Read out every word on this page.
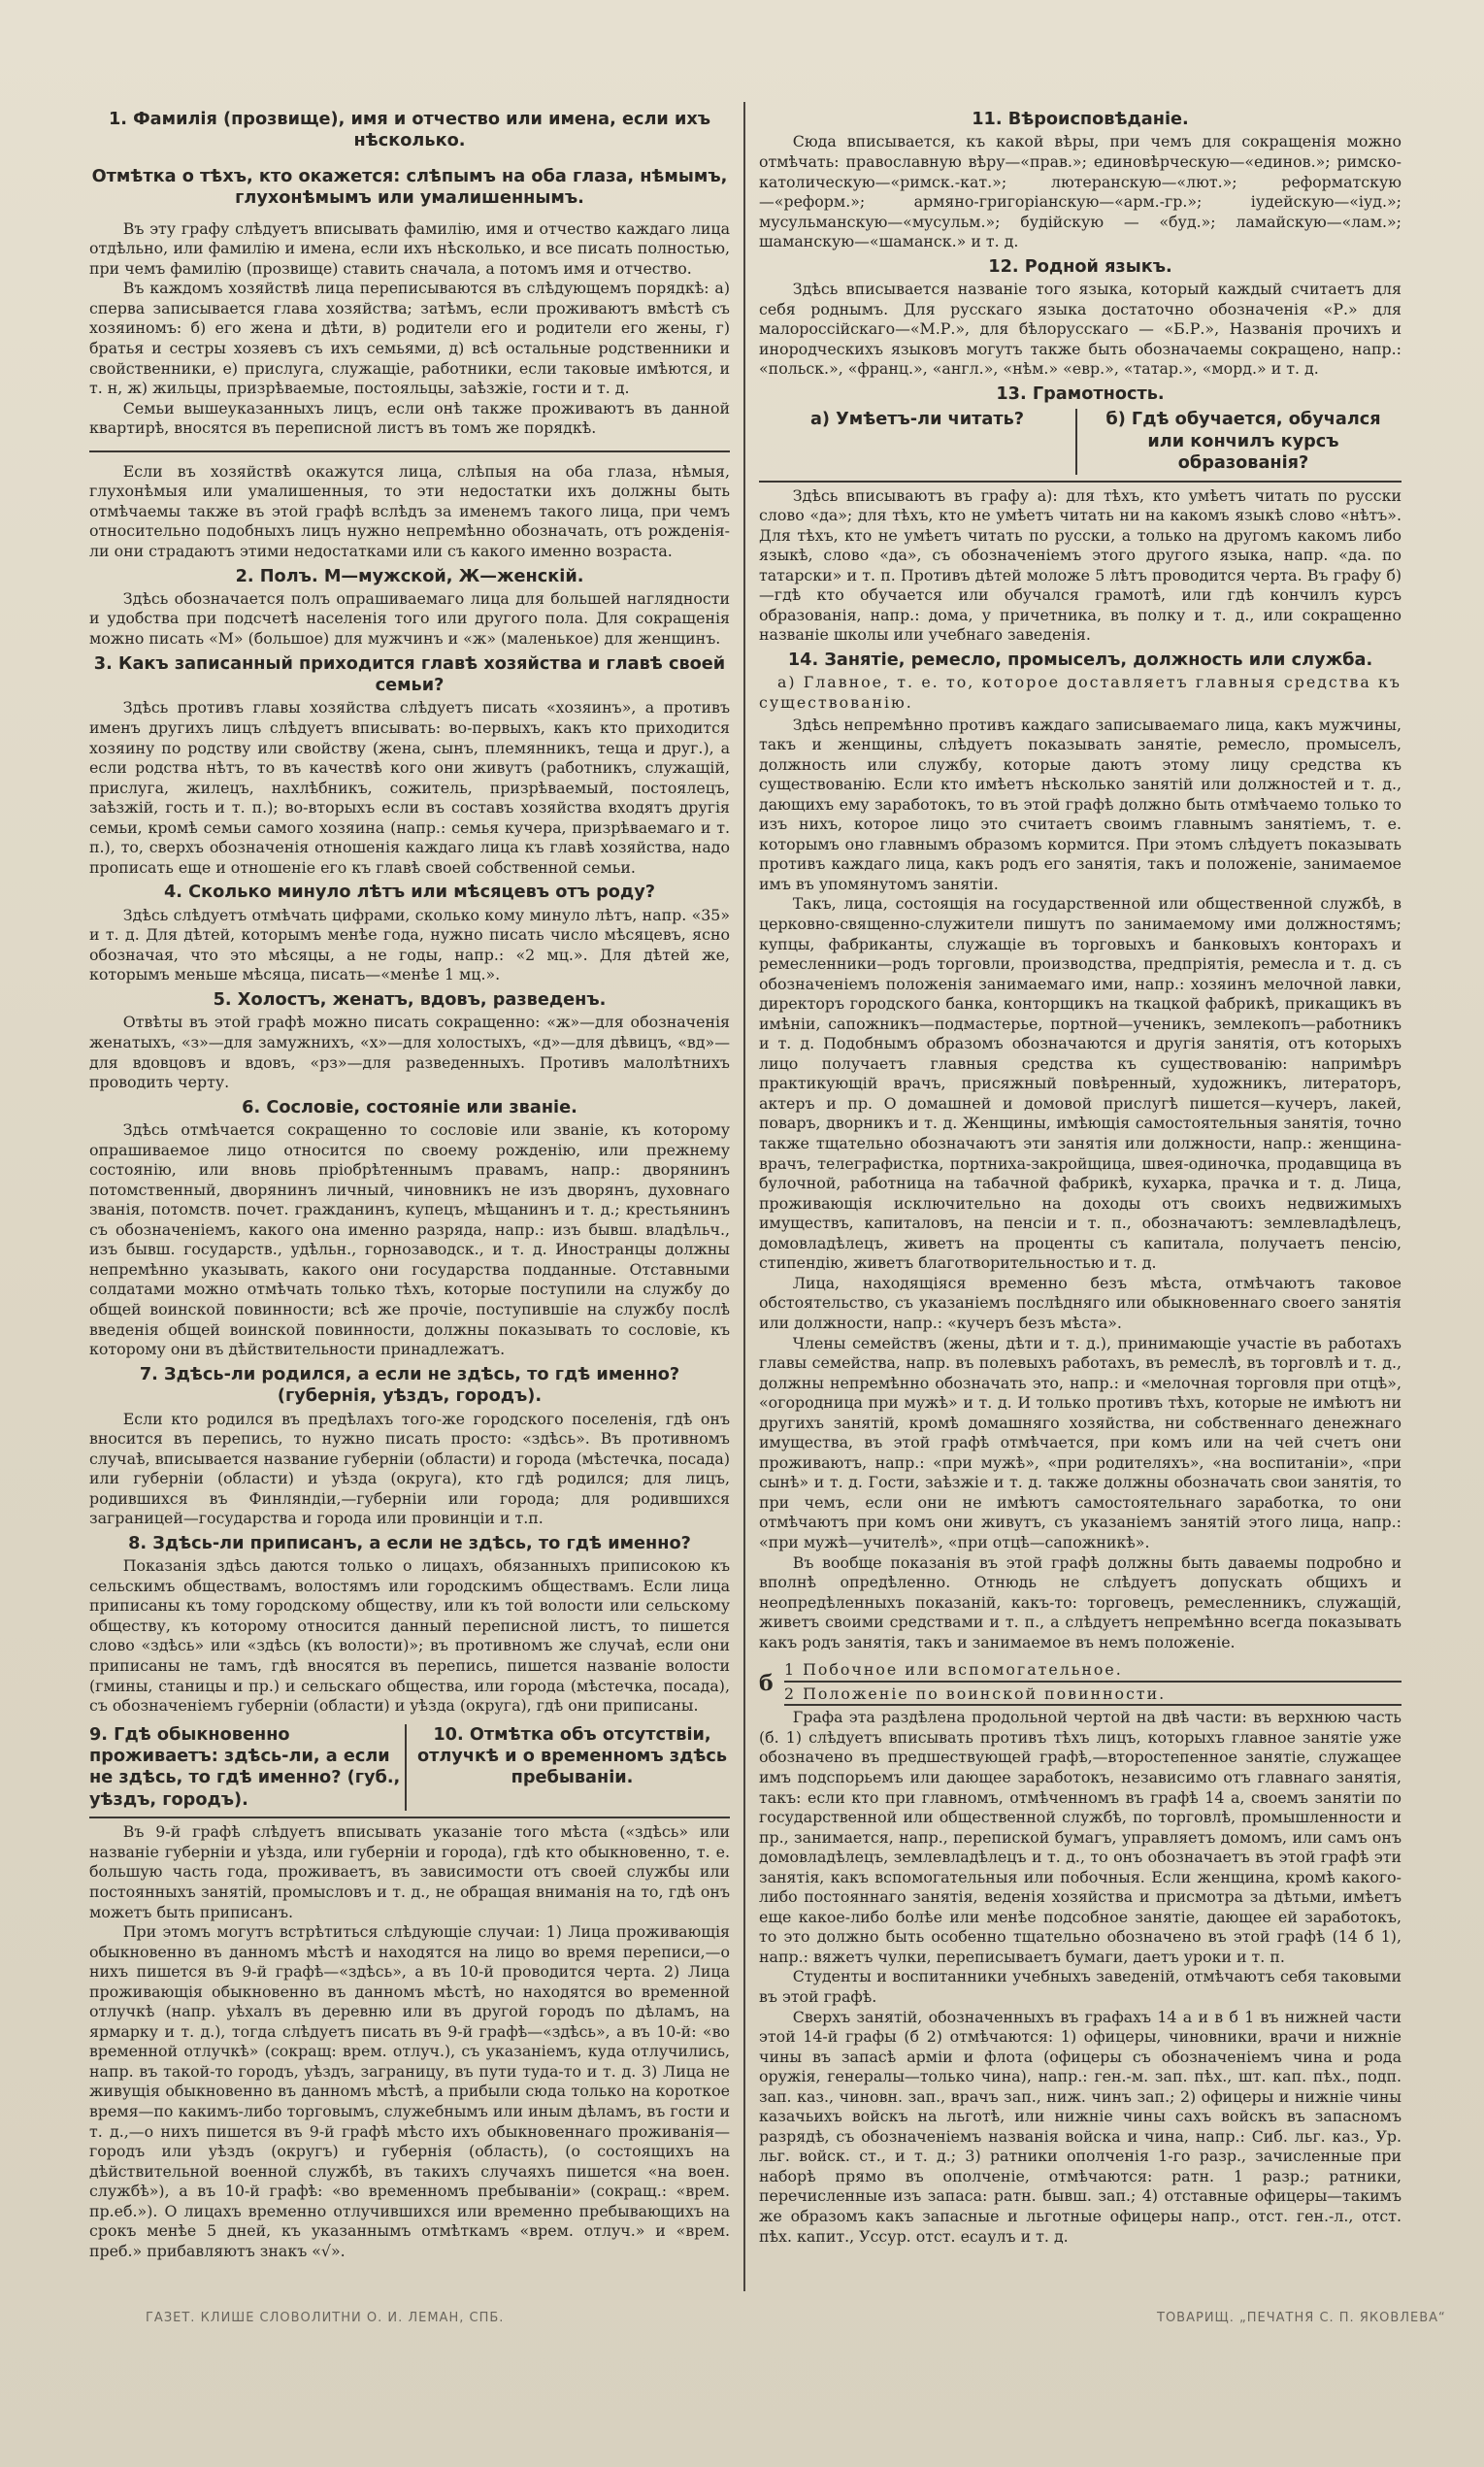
1. Фамилія (прозвище), имя и отчество или имена, если ихъ нѣсколько.
Отмѣтка о тѣхъ, кто окажется: слѣпымъ на оба глаза, нѣмымъ, глухонѣмымъ или умалишеннымъ.

Въ эту графу слѣдуетъ вписывать фамилію, имя и отчество каждаго лица отдѣльно, или фамилію и имена, если ихъ нѣсколько, и все писать полностью, при чемъ фамилію (прозвище) ставить сначала, а потомъ имя и отчество.

Въ каждомъ хозяйствѣ лица переписываются въ слѣдующемъ порядкѣ: а) сперва записывается глава хозяйства; затѣмъ, если проживаютъ вмѣстѣ съ хозяиномъ: б) его жена и дѣти, в) родители его и родители его жены, г) братья и сестры хозяевъ съ ихъ семьями, д) всѣ остальные родственники и свойственники, е) прислуга, служащіе, работники, если таковые имѣются, и т. н, ж) жильцы, призрѣваемые, постояльцы, заѣзжіе, гости и т. д.

Семьи вышеуказанныхъ лицъ, если онѣ также проживаютъ въ данной квартирѣ, вносятся въ переписной листъ въ томъ же порядкѣ.

Если въ хозяйствѣ окажутся лица, слѣпыя на оба глаза, нѣмыя, глухонѣмыя или умалишенныя, то эти недостатки ихъ должны быть отмѣчаемы также въ этой графѣ вслѣдъ за именемъ такого лица, при чемъ относительно подобныхъ лицъ нужно непремѣнно обозначать, отъ рожденія-ли они страдаютъ этими недостатками или съ какого именно возраста.

2. Полъ. М—мужской, Ж—женскій.

Здѣсь обозначается полъ опрашиваемаго лица для большей наглядности и удобства при подсчетѣ населенія того или другого пола. Для сокращенія можно писать «М» (большое) для мужчинъ и «ж» (маленькое) для женщинъ.

3. Какъ записанный приходится главѣ хозяйства и главѣ своей семьи?

Здѣсь противъ главы хозяйства слѣдуетъ писать «хозяинъ», а противъ именъ другихъ лицъ слѣдуетъ вписывать: во-первыхъ, какъ кто приходится хозяину по родству или свойству (жена, сынъ, племянникъ, теща и друг.), а если родства нѣтъ, то въ качествѣ кого они живутъ (работникъ, служащій, прислуга, жилецъ, нахлѣбникъ, сожитель, призрѣваемый, постоялецъ, заѣзжій, гость и т. п.); во-вторыхъ если въ составъ хозяйства входятъ другія семьи, кромѣ семьи самого хозяина (напр.: семья кучера, призрѣваемаго и т. п.), то, сверхъ обозначенія отношенія каждаго лица къ главѣ хозяйства, надо прописать еще и отношеніе его къ главѣ своей собственной семьи.

4. Сколько минуло лѣтъ или мѣсяцевъ отъ роду?

Здѣсь слѣдуетъ отмѣчать цифрами, сколько кому минуло лѣтъ, напр. «35» и т. д. Для дѣтей, которымъ менѣе года, нужно писать число мѣсяцевъ, ясно обозначая, что это мѣсяцы, а не годы, напр.: «2 мц.». Для дѣтей же, которымъ меньше мѣсяца, писать—«менѣе 1 мц.».

5. Холостъ, женатъ, вдовъ, разведенъ.

Отвѣты въ этой графѣ можно писать сокращенно: «ж»—для обозначенія женатыхъ, «з»—для замужнихъ, «х»—для холостыхъ, «д»—для дѣвицъ, «вд»—для вдовцовъ и вдовъ, «рз»—для разведенныхъ. Противъ малолѣтнихъ проводить черту.

6. Сословіе, состояніе или званіе.

Здѣсь отмѣчается сокращенно то сословіе или званіе, къ которому опрашиваемое лицо относится по своему рожденію, или прежнему состоянію, или вновь пріобрѣтеннымъ правамъ, напр.: дворянинъ потомственный, дворянинъ личный, чиновникъ не изъ дворянъ, духовнаго званія, потомств. почет. гражданинъ, купецъ, мѣщанинъ и т. д.; крестьянинъ съ обозначеніемъ, какого она именно разряда, напр.: изъ бывш. владѣльч., изъ бывш. государств., удѣльн., горнозаводск., и т. д. Иностранцы должны непремѣнно указывать, какого они государства подданные. Отставными солдатами можно отмѣчать только тѣхъ, которые поступили на службу до общей воинской повинности; всѣ же прочіе, поступившіе на службу послѣ введенія общей воинской повинности, должны показывать то сословіе, къ которому они въ дѣйствительности принадлежатъ.

7. Здѣсь-ли родился, а если не здѣсь, то гдѣ именно? (губернія, уѣздъ, городъ).

Если кто родился въ предѣлахъ того-же городского поселенія, гдѣ онъ вносится въ перепись, то нужно писать просто: «здѣсь». Въ противномъ случаѣ, вписывается название губерніи (области) и города (мѣстечка, посада) или губерніи (области) и уѣзда (округа), кто гдѣ родился; для лицъ, родившихся въ Финляндіи,—губерніи или города; для родившихся заграницей—государства и города или провинціи и т.п.

8. Здѣсь-ли приписанъ, а если не здѣсь, то гдѣ именно?

Показанія здѣсь даются только о лицахъ, обязанныхъ приписокою къ сельскимъ обществамъ, волостямъ или городскимъ обществамъ. Если лица приписаны къ тому городскому обществу, или къ той волости или сельскому обществу, къ которому относится данный переписной листъ, то пишется слово «здѣсь» или «здѣсь (къ волости)»; въ противномъ же случаѣ, если они приписаны не тамъ, гдѣ вносятся въ перепись, пишется названіе волости (гмины, станицы и пр.) и сельскаго общества, или города (мѣстечка, посада), съ обозначеніемъ губерніи (области) и уѣзда (округа), гдѣ они приписаны.

9. Гдѣ обыкновенно проживаетъ: здѣсь-ли, а если не здѣсь, то гдѣ именно? (губ., уѣздъ, городъ).
10. Отмѣтка объ отсутствіи, отлучкѣ и о временномъ здѣсь пребываніи.

Въ 9-й графѣ слѣдуетъ вписывать указаніе того мѣста («здѣсь» или названіе губерніи и уѣзда, или губерніи и города), гдѣ кто обыкновенно, т. е. большую часть года, проживаетъ, въ зависимости отъ своей службы или постоянныхъ занятій, промысловъ и т. д., не обращая вниманія на то, гдѣ онъ можетъ быть приписанъ.

При этомъ могутъ встрѣтиться слѣдующіе случаи: 1) Лица проживающія обыкновенно въ данномъ мѣстѣ и находятся на лицо во время переписи,—о нихъ пишется въ 9-й графѣ—«здѣсь», а въ 10-й проводится черта. 2) Лица проживающія обыкновенно въ данномъ мѣстѣ, но находятся во временной отлучкѣ (напр. уѣхалъ въ деревню или въ другой городъ по дѣламъ, на ярмарку и т. д.), тогда слѣдуетъ писать въ 9-й графѣ—«здѣсь», а въ 10-й: «во временной отлучкѣ» (сокращ: врем. отлуч.), съ указаніемъ, куда отлучились, напр. въ такой-то городъ, уѣздъ, заграницу, въ пути туда-то и т. д. 3) Лица не живущія обыкновенно въ данномъ мѣстѣ, а прибыли сюда только на короткое время—по какимъ-либо торговымъ, служебнымъ или иным дѣламъ, въ гости и т. д.,—о нихъ пишется въ 9-й графѣ мѣсто ихъ обыкновеннаго проживанія—городъ или уѣздъ (округъ) и губернія (область), (о состоящихъ на дѣйствительной военной службѣ, въ такихъ случаяхъ пишется «на воен. службѣ»), а въ 10-й графѣ: «во временномъ пребываніи» (сокращ.: «врем. пр.еб.»). О лицахъ временно отлучившихся или временно пребывающихъ на срокъ менѣе 5 дней, къ указаннымъ отмѣткамъ «врем. отлуч.» и «врем. преб.» прибавляютъ знакъ «√».

11. Вѣроисповѣданіе.

Сюда вписывается, къ какой вѣры, при чемъ для сокращенія можно отмѣчать: православную вѣру—«прав.»; единовѣрческую—«единов.»; римско-католическую—«римск.-кат.»; лютеранскую—«лют.»; реформатскую—«реформ.»; армяно-григоріанскую—«арм.-гр.»; іудейскую—«іуд.»; мусульманскую—«мусульм.»; будійскую — «буд.»; ламайскую—«лам.»; шаманскую—«шаманск.» и т. д.

12. Родной языкъ.

Здѣсь вписывается названіе того языка, который каждый считаетъ для себя роднымъ. Для русскаго языка достаточно обозначенія «Р.» для малороссійскаго—«М.Р.», для бѣлорусскаго — «Б.Р.», Названія прочихъ и инородческихъ языковъ могутъ также быть обозначаемы сокращено, напр.: «польск.», «франц.», «англ.», «нѣм.» «евр.», «татар.», «морд.» и т. д.

13. Грамотность.
а) Умѣетъ-ли читать?	б) Гдѣ обучается, обучался или кончилъ курсъ образованія?

Здѣсь вписываютъ въ графу а): для тѣхъ, кто умѣетъ читать по русски слово «да»; для тѣхъ, кто не умѣетъ читать ни на какомъ языкѣ слово «нѣтъ». Для тѣхъ, кто не умѣетъ читать по русски, а только на другомъ какомъ либо языкѣ, слово «да», съ обозначеніемъ этого другого языка, напр. «да. по татарски» и т. п. Противъ дѣтей моложе 5 лѣтъ проводится черта. Въ графу б)—гдѣ кто обучается или обучался грамотѣ, или гдѣ кончилъ курсъ образованія, напр.: дома, у причетника, въ полку и т. д., или сокращенно названіе школы или учебнаго заведенія.

14. Занятіе, ремесло, промыселъ, должность или служба.

а) Главное, т. е. то, которое доставляетъ главныя средства къ существованію.

Здѣсь непремѣнно противъ каждаго записываемаго лица, какъ мужчины, такъ и женщины, слѣдуетъ показывать занятіе, ремесло, промыселъ, должность или службу, которые даютъ этому лицу средства къ существованію. Если кто имѣетъ нѣсколько занятій или должностей и т. д., дающихъ ему заработокъ, то въ этой графѣ должно быть отмѣчаемо только то изъ нихъ, которое лицо это считаетъ своимъ главнымъ занятіемъ, т. е. которымъ оно главнымъ образомъ кормится. При этомъ слѣдуетъ показывать противъ каждаго лица, какъ родъ его занятія, такъ и положеніе, занимаемое имъ въ упомянутомъ занятіи.

Такъ, лица, состоящія на государственной или общественной службѣ, в церковно-священно-служители пишутъ по занимаемому ими должностямъ; купцы, фабриканты, служащіе въ торговыхъ и банковыхъ конторахъ и ремесленники—родъ торговли, производства, предпріятія, ремесла и т. д. съ обозначеніемъ положенія занимаемаго ими, напр.: хозяинъ мелочной лавки, директоръ городского банка, конторщикъ на ткацкой фабрикѣ, прикащикъ въ имѣніи, сапожникъ—подмастерье, портной—ученикъ, землекопъ—работникъ и т. д. Подобнымъ образомъ обозначаются и другія занятія, отъ которыхъ лицо получаетъ главныя средства къ существованію: напримѣръ практикующій врачъ, присяжный повѣренный, художникъ, литераторъ, актеръ и пр. О домашней и домовой прислугѣ пишется—кучеръ, лакей, поваръ, дворникъ и т. д. Женщины, имѣющія самостоятельныя занятія, точно также тщательно обозначаютъ эти занятія или должности, напр.: женщина-врачъ, телеграфистка, портниха-закройщица, швея-одиночка, продавщица въ булочной, работница на табачной фабрикѣ, кухарка, прачка и т. д. Лица, проживающія исключительно на доходы отъ своихъ недвижимыхъ имуществъ, капиталовъ, на пенсіи и т. п., обозначаютъ: землевладѣлецъ, домовладѣлецъ, живетъ на проценты съ капитала, получаетъ пенсію, стипендію, живетъ благотворительностью и т. д.

Лица, находящіяся временно безъ мѣста, отмѣчаютъ таковое обстоятельство, съ указаніемъ послѣдняго или обыкновеннаго своего занятія или должности, напр.: «кучеръ безъ мѣста».

Члены семействъ (жены, дѣти и т. д.), принимающіе участіе въ работахъ главы семейства, напр. въ полевыхъ работахъ, въ ремеслѣ, въ торговлѣ и т. д., должны непремѣнно обозначать это, напр.: и «мелочная торговля при отцѣ», «огородница при мужѣ» и т. д. И только противъ тѣхъ, которые не имѣютъ ни другихъ занятій, кромѣ домашняго хозяйства, ни собственнаго денежнаго имущества, въ этой графѣ отмѣчается, при комъ или на чей счетъ они проживаютъ, напр.: «при мужѣ», «при родителяхъ», «на воспитаніи», «при сынѣ» и т. д. Гости, заѣзжіе и т. д. также должны обозначать свои занятія, то при чемъ, если они не имѣютъ самостоятельнаго заработка, то они отмѣчаютъ при комъ они живутъ, съ указаніемъ занятій этого лица, напр.: «при мужѣ—учителѣ», «при отцѣ—сапожникѣ».

Въ вообще показанія въ этой графѣ должны быть даваемы подробно и вполнѣ опредѣленно. Отнюдь не слѣдуетъ допускать общихъ и неопредѣленныхъ показаній, какъ-то: торговецъ, ремесленникъ, служащій, живетъ своими средствами и т. п., а слѣдуетъ непремѣнно всегда показывать какъ родъ занятія, такъ и занимаемое въ немъ положеніе.

б
1 Побочное или вспомогательное.
2 Положеніе по воинской повинности.

Графа эта раздѣлена продольной чертой на двѣ части: въ верхнюю часть (б. 1) слѣдуетъ вписывать противъ тѣхъ лицъ, которыхъ главное занятіе уже обозначено въ предшествующей графѣ,—второстепенное занятіе, служащее имъ подспорьемъ или дающее заработокъ, независимо отъ главнаго занятія, такъ: если кто при главномъ, отмѣченномъ въ графѣ 14 а, своемъ занятіи по государственной или общественной службѣ, по торговлѣ, промышленности и пр., занимается, напр., перепиской бумагъ, управляетъ домомъ, или самъ онъ домовладѣлецъ, землевладѣлецъ и т. д., то онъ обозначаетъ въ этой графѣ эти занятія, какъ вспомогательныя или побочныя. Если женщина, кромѣ какого-либо постояннаго занятія, веденія хозяйства и присмотра за дѣтьми, имѣетъ еще какое-либо болѣе или менѣе подсобное занятіе, дающее ей заработокъ, то это должно быть особенно тщательно обозначено въ этой графѣ (14 б 1), напр.: вяжетъ чулки, переписываетъ бумаги, даетъ уроки и т. п.

Студенты и воспитанники учебныхъ заведеній, отмѣчаютъ себя таковыми въ этой графѣ.

Сверхъ занятій, обозначенныхъ въ графахъ 14 а и в б 1 въ нижней части этой 14-й графы (б 2) отмѣчаются: 1) офицеры, чиновники, врачи и нижніе чины въ запасѣ арміи и флота (офицеры съ обозначеніемъ чина и рода оружія, генералы—только чина), напр.: ген.-м. зап. пѣх., шт. кап. пѣх., подп. зап. каз., чиновн. зап., врачъ зап., ниж. чинъ зап.; 2) офицеры и нижніе чины казачьихъ войскъ на льготѣ, или нижніе чины сахъ войскъ въ запасномъ разрядѣ, съ обозначеніемъ названія войска и чина, напр.: Сиб. льг. каз., Ур. льг. войск. ст., и т. д.; 3) ратники ополченія 1-го разр., зачисленные при наборѣ прямо въ ополченіе, отмѣчаются: ратн. 1 разр.; ратники, перечисленные изъ запаса: ратн. бывш. зап.; 4) отставные офицеры—такимъ же образомъ какъ запасные и льготные офицеры напр., отст. ген.-л., отст. пѣх. капит., Уссур. отст. есаулъ и т. д.

ГАЗЕТ. КЛИШЕ СЛОВОЛИТНИ О. И. ЛЕМАН, СПБ.	ТОВАРИЩ. „ПЕЧАТНЯ С. П. ЯКОВЛЕВА“
